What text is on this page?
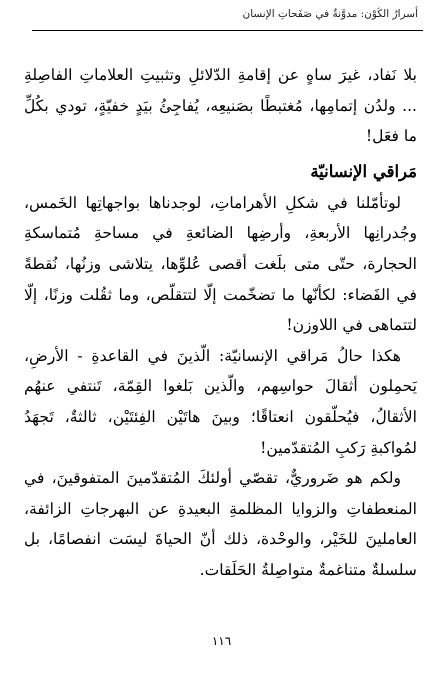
أسرارُ الكَوْن: مدوَّنةٌ في صَفَحاتِ الإنسان

بلا نَفاد، غيرَ ساهٍ عن إقامةِ الدّلائلِ وتثبيتِ العلاماتِ الفاصِلةِ ... ولدُن إتمامِها، مُغتبطًا بصَنيعِه، يُفاجِئُ بيَدٍ خفيّةٍ، تودي بكُلِّ ما فعَل!

مَراقي الإنسانيّة

لوتأمّلنا في شكلِ الأهراماتِ، لوجدناها بواجهاتِها الخَمس، وجُدرانِها الأربعةِ، وأرضِها الضائعةِ في مساحةِ مُتماسكةِ الحجارة، حتّى متى بلَغت أقصى عُلوِّها، يتلاشى وزنُها، نُقطةً في الفَضاء: لكأنّها ما تضخّمت إلّا لتتقلّص، وما ثقُلت وزنًا، إلّا لتتماهى في اللاوزن!

هكذا حالُ مَراقي الإنسانيّة: الّذينَ في القاعدةِ - الأرضِ، يَحمِلون أثقالَ حواسِهم، والّذين بَلغوا القِمّة، تَنتفي عنهُم الأثقالُ، فيُحلّقون انعتاقًا؛ وبينَ هاتَيْن الفِئتَيْن، ثالثةٌ، تَجهَدُ لمُواكبةِ رَكبِ المُتقدّمين!

ولكم هو ضَروريٌّ، تقصّي أولئكَ المُتقدّمينَ المتفوقينَ، في المنعطفاتِ والزوايا المظلمةِ البعيدةِ عن البهرجاتِ الزائفة، العاملينَ للخَيْر، والوحْدة، ذلك أنّ الحياةَ ليسَت انفصامًا، بل سلسلةٌ متناغمةٌ متواصِلةُ الحَلَقات.

١١٦
